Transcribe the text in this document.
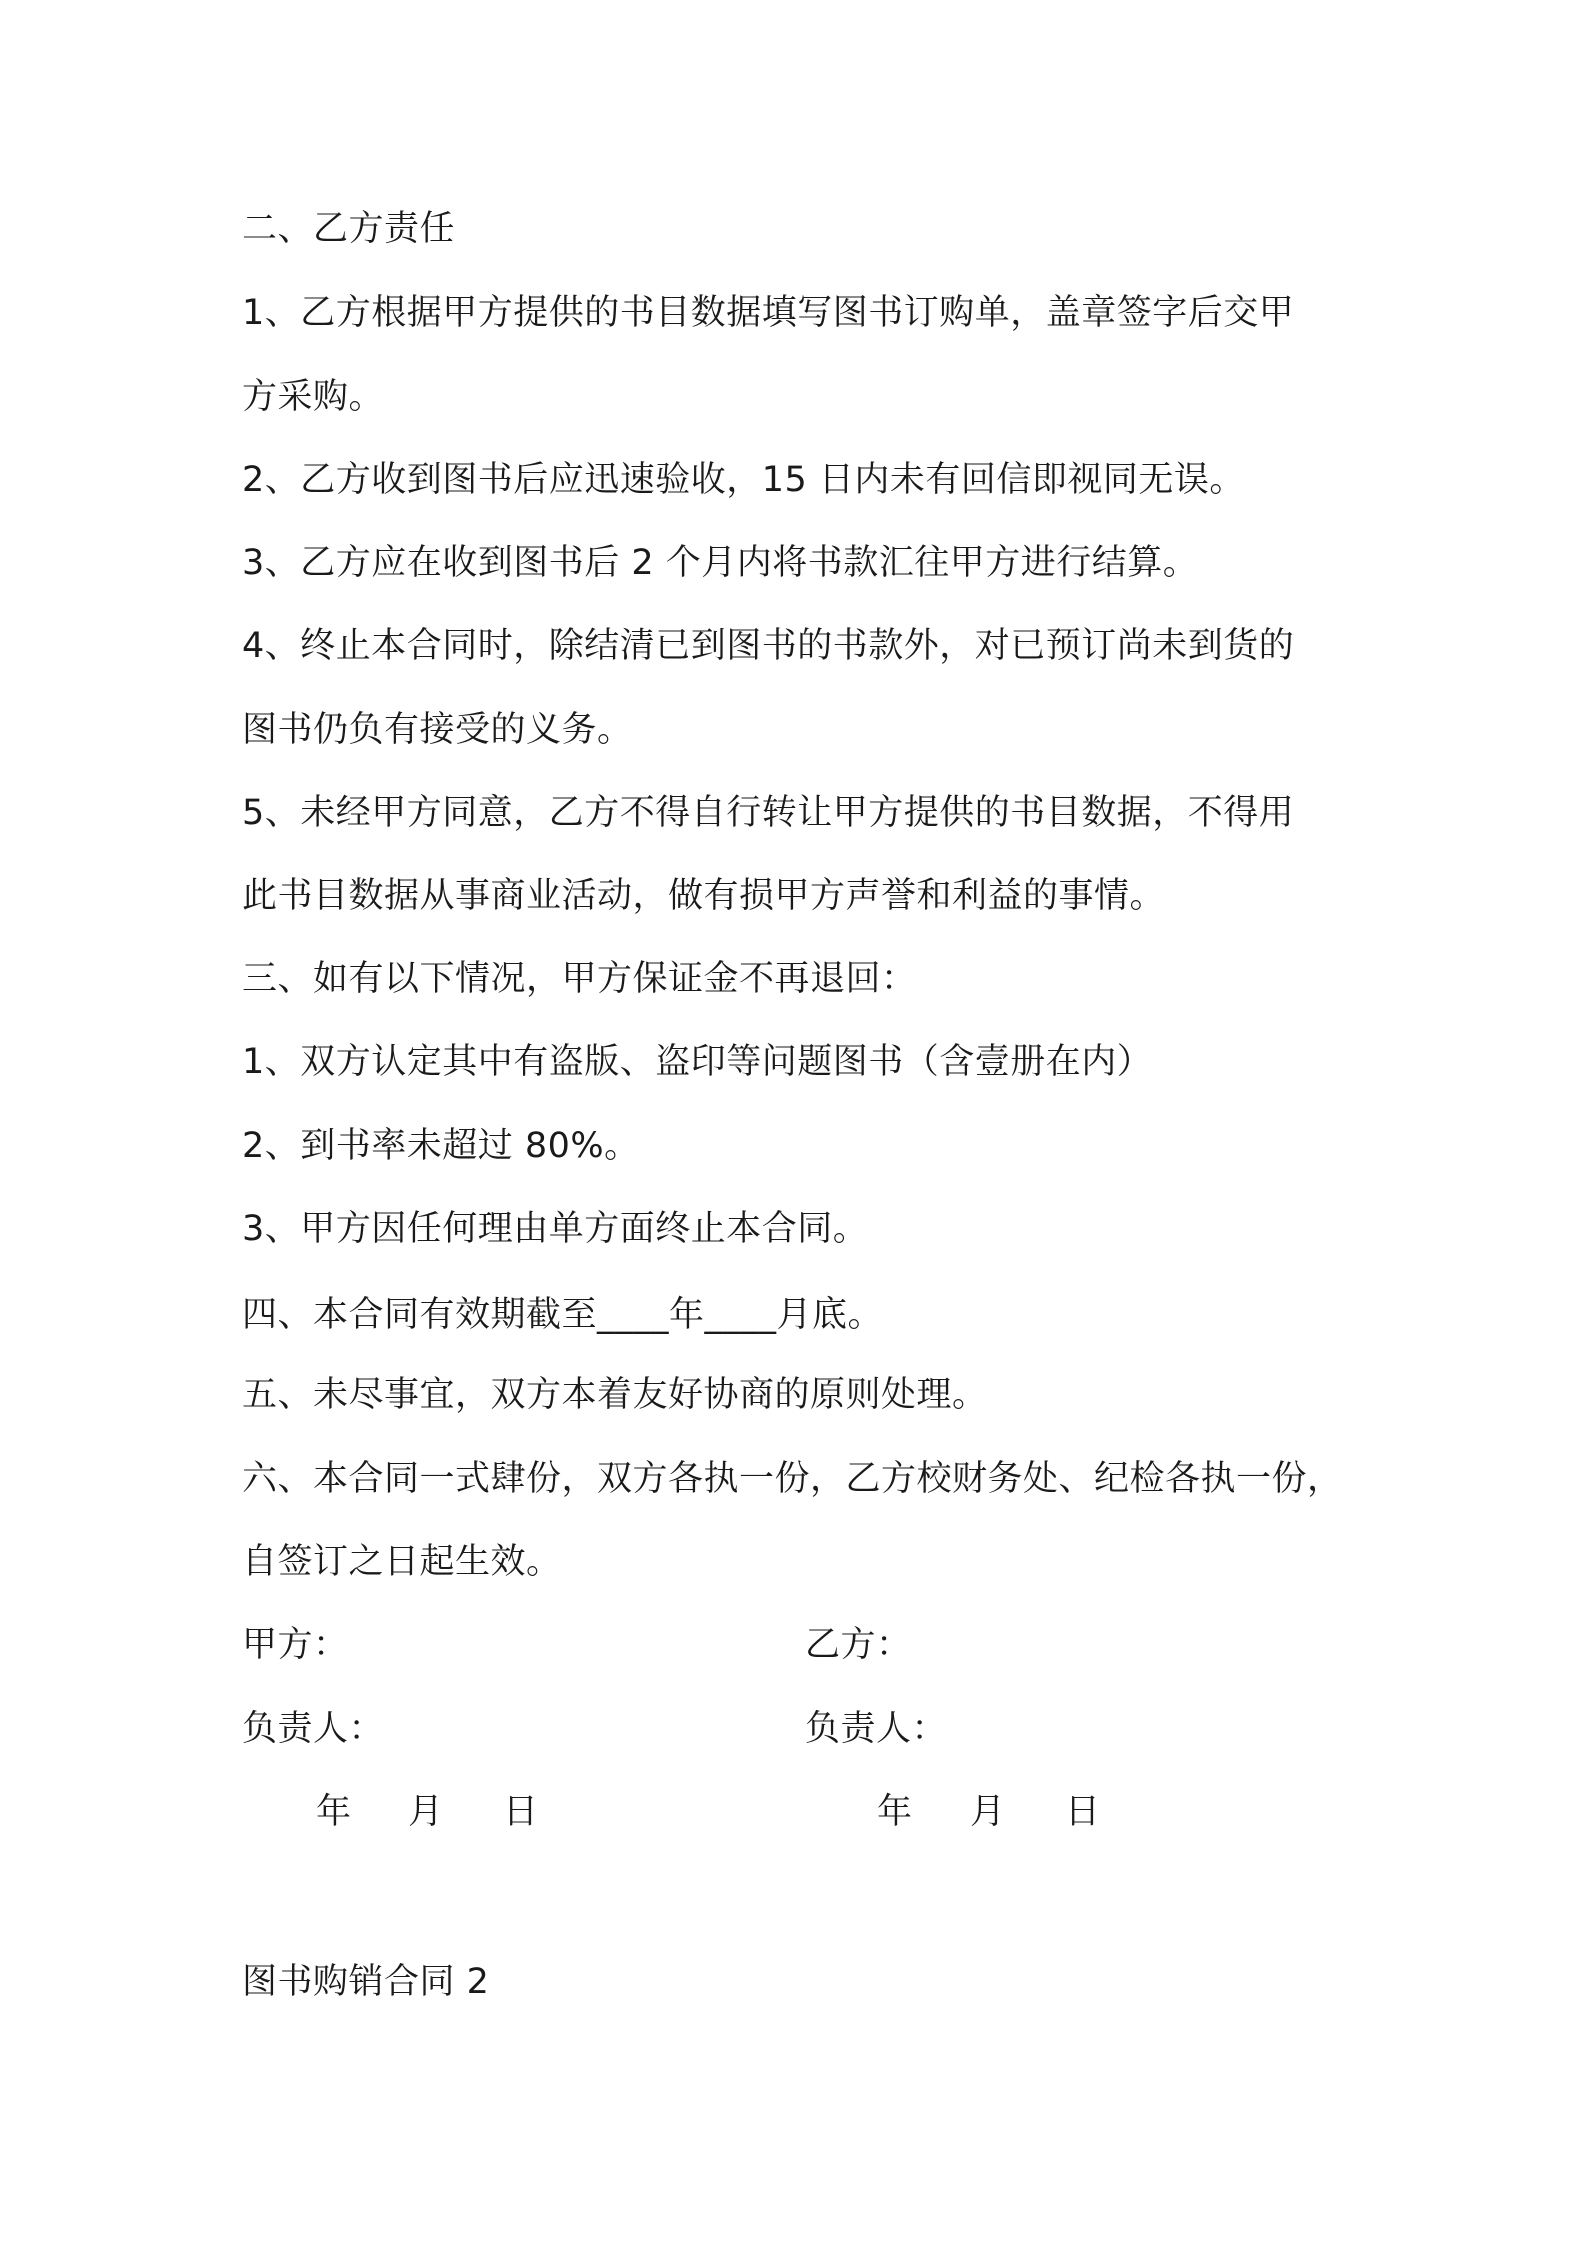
二、乙方责任
1、乙方根据甲方提供的书目数据填写图书订购单，盖章签字后交甲
方采购。
2、乙方收到图书后应迅速验收，15 日内未有回信即视同无误。
3、乙方应在收到图书后 2 个月内将书款汇往甲方进行结算。
4、终止本合同时，除结清已到图书的书款外，对已预订尚未到货的
图书仍负有接受的义务。
5、未经甲方同意，乙方不得自行转让甲方提供的书目数据，不得用
此书目数据从事商业活动，做有损甲方声誉和利益的事情。
三、如有以下情况，甲方保证金不再退回：
1、双方认定其中有盗版、盗印等问题图书（含壹册在内）
2、到书率未超过 80%。
3、甲方因任何理由单方面终止本合同。
四、本合同有效期截至____年____月底。
五、未尽事宜，双方本着友好协商的原则处理。
六、本合同一式肆份，双方各执一份，乙方校财务处、纪检各执一份，
自签订之日起生效。
甲方：	乙方：
负责人：	负责人：
年 月 日	年 月 日
图书购销合同 2
